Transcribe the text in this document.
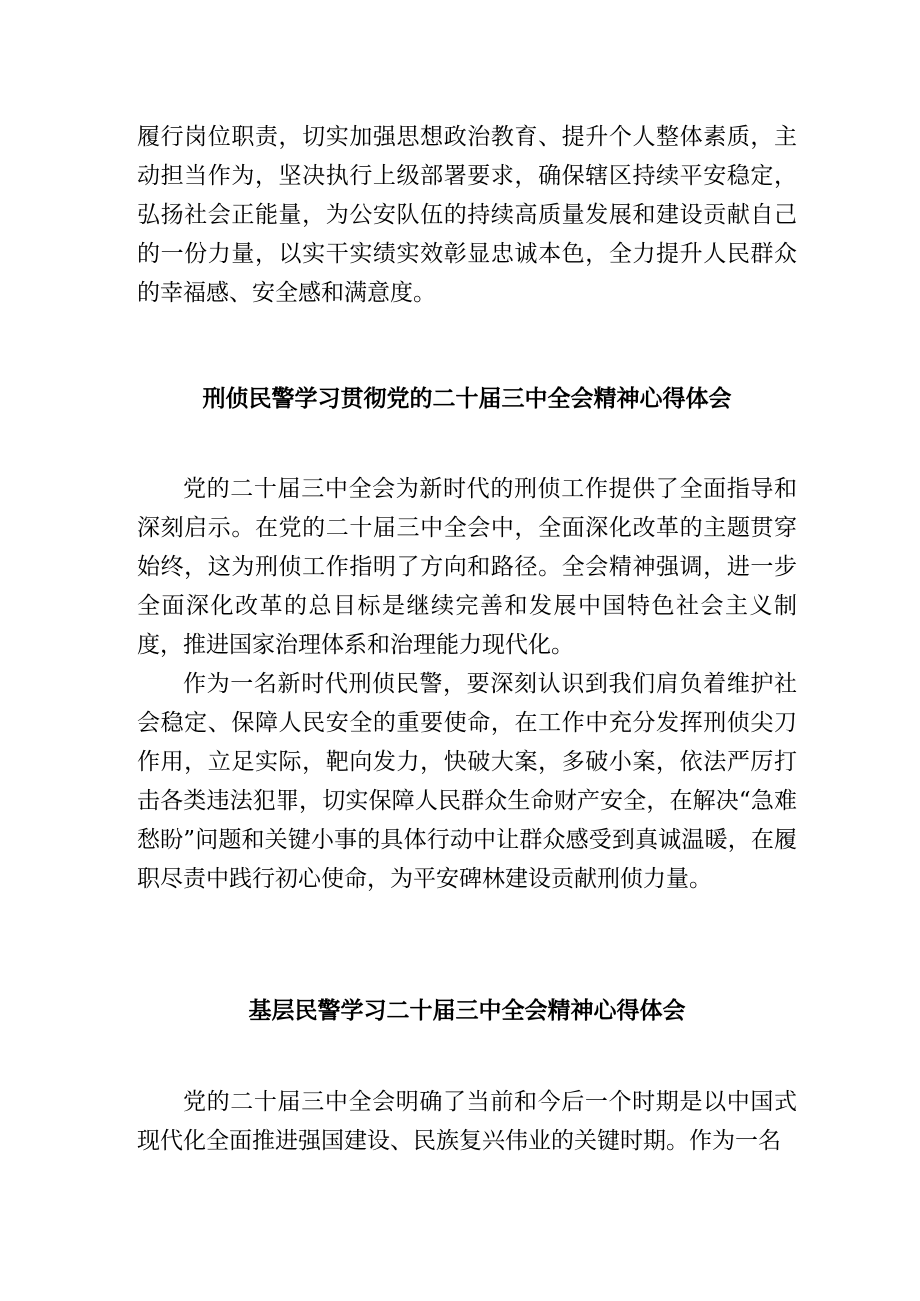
履行岗位职责，切实加强思想政治教育、提升个人整体素质，主动担当作为，坚决执行上级部署要求，确保辖区持续平安稳定，弘扬社会正能量，为公安队伍的持续高质量发展和建设贡献自己的一份力量，以实干实绩实效彰显忠诚本色，全力提升人民群众的幸福感、安全感和满意度。

刑侦民警学习贯彻党的二十届三中全会精神心得体会

党的二十届三中全会为新时代的刑侦工作提供了全面指导和深刻启示。在党的二十届三中全会中，全面深化改革的主题贯穿始终，这为刑侦工作指明了方向和路径。全会精神强调，进一步全面深化改革的总目标是继续完善和发展中国特色社会主义制度，推进国家治理体系和治理能力现代化。

作为一名新时代刑侦民警，要深刻认识到我们肩负着维护社会稳定、保障人民安全的重要使命，在工作中充分发挥刑侦尖刀作用，立足实际，靶向发力，快破大案，多破小案，依法严厉打击各类违法犯罪，切实保障人民群众生命财产安全，在解决“急难愁盼”问题和关键小事的具体行动中让群众感受到真诚温暖，在履职尽责中践行初心使命，为平安碑林建设贡献刑侦力量。

基层民警学习二十届三中全会精神心得体会

党的二十届三中全会明确了当前和今后一个时期是以中国式现代化全面推进强国建设、民族复兴伟业的关键时期。作为一名
